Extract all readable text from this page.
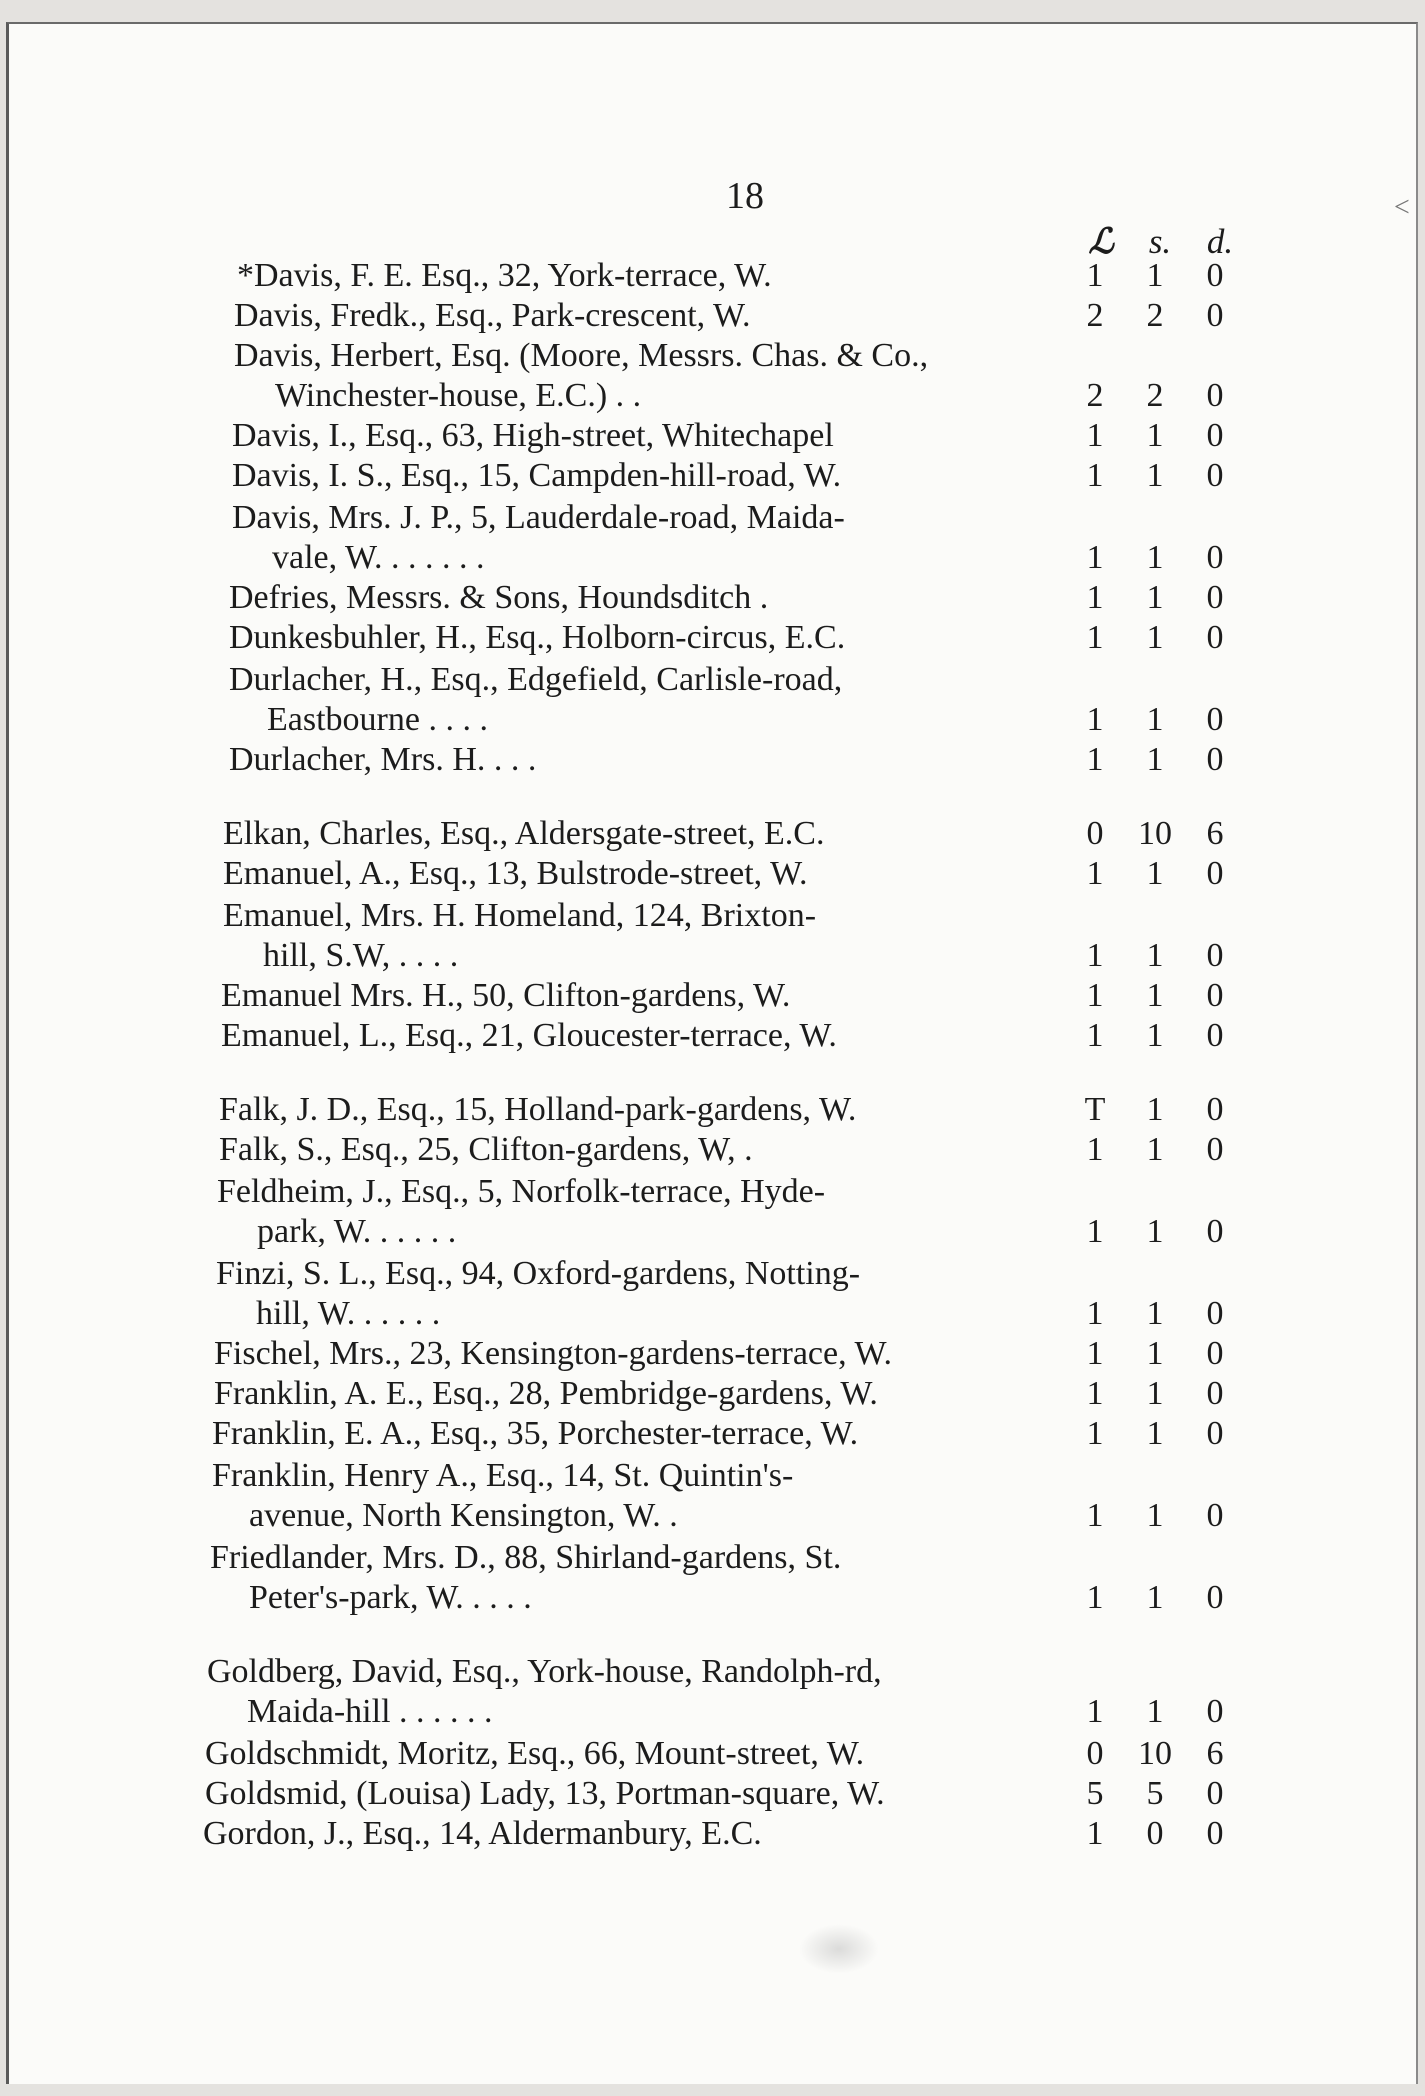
18
ℒ	s.	d.
<
*Davis, F. E. Esq., 32, York-terrace, W.	1	1	0
Davis, Fredk., Esq., Park-crescent, W.	2	2	0
Davis, Herbert, Esq. (Moore, Messrs. Chas. & Co.,
Winchester-house, E.C.) . .	2	2	0
Davis, I., Esq., 63, High-street, Whitechapel	1	1	0
Davis, I. S., Esq., 15, Campden-hill-road, W.	1	1	0
Davis, Mrs. J. P., 5, Lauderdale-road, Maida-
vale, W. . . . . . .	1	1	0
Defries, Messrs. & Sons, Houndsditch .	1	1	0
Dunkesbuhler, H., Esq., Holborn-circus, E.C.	1	1	0
Durlacher, H., Esq., Edgefield, Carlisle-road,
Eastbourne . . . .	1	1	0
Durlacher, Mrs. H. . . .	1	1	0
Elkan, Charles, Esq., Aldersgate-street, E.C.	0	10	6
Emanuel, A., Esq., 13, Bulstrode-street, W.	1	1	0
Emanuel, Mrs. H. Homeland, 124, Brixton-
hill, S.W, . . . .	1	1	0
Emanuel Mrs. H., 50, Clifton-gardens, W.	1	1	0
Emanuel, L., Esq., 21, Gloucester-terrace, W.	1	1	0
Falk, J. D., Esq., 15, Holland-park-gardens, W.	T	1	0
Falk, S., Esq., 25, Clifton-gardens, W, .	1	1	0
Feldheim, J., Esq., 5, Norfolk-terrace, Hyde-
park, W. . . . . .	1	1	0
Finzi, S. L., Esq., 94, Oxford-gardens, Notting-
hill, W. . . . . .	1	1	0
Fischel, Mrs., 23, Kensington-gardens-terrace, W.	1	1	0
Franklin, A. E., Esq., 28, Pembridge-gardens, W.	1	1	0
Franklin, E. A., Esq., 35, Porchester-terrace, W.	1	1	0
Franklin, Henry A., Esq., 14, St. Quintin's-
avenue, North Kensington, W. .	1	1	0
Friedlander, Mrs. D., 88, Shirland-gardens, St.
Peter's-park, W. . . . .	1	1	0
Goldberg, David, Esq., York-house, Randolph-rd,
Maida-hill . . . . . .	1	1	0
Goldschmidt, Moritz, Esq., 66, Mount-street, W.	0	10	6
Goldsmid, (Louisa) Lady, 13, Portman-square, W.	5	5	0
Gordon, J., Esq., 14, Aldermanbury, E.C.	1	0	0
